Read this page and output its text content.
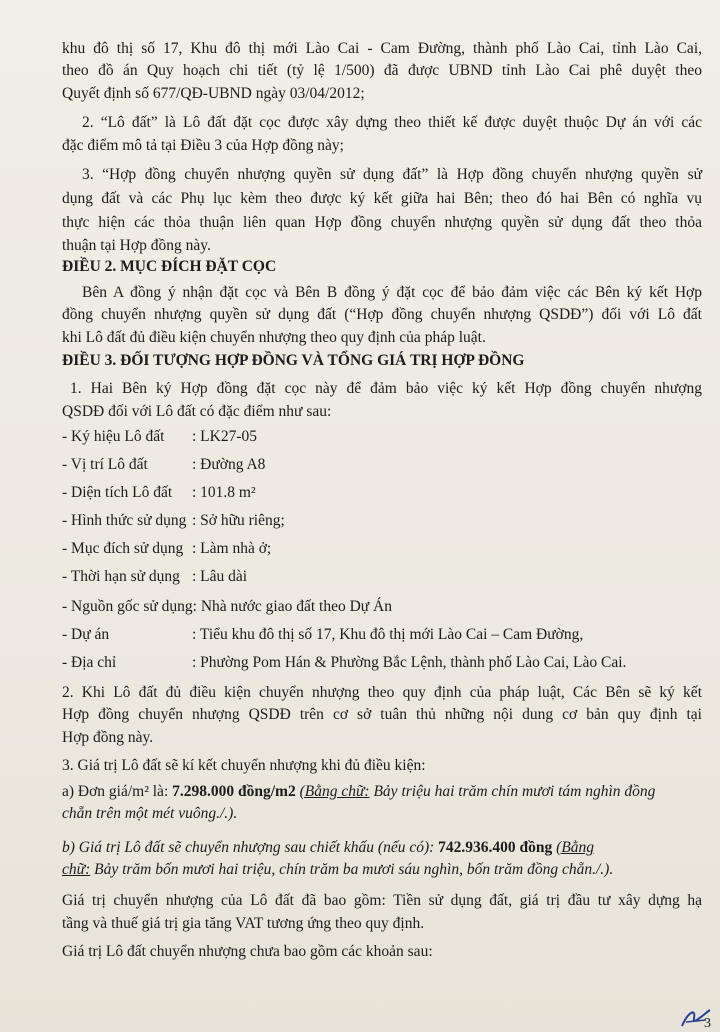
khu đô thị số 17, Khu đô thị mới Lào Cai - Cam Đường, thành phố Lào Cai, tỉnh Lào Cai,
theo đồ án Quy hoạch chi tiết (tỷ lệ 1/500) đã được UBND tỉnh Lào Cai phê duyệt theo
Quyết định số 677/QĐ-UBND ngày 03/04/2012;
2. “Lô đất” là Lô đất đặt cọc được xây dựng theo thiết kế được duyệt thuộc Dự án với các
đặc điểm mô tả tại Điều 3 của Hợp đồng này;
3. “Hợp đồng chuyển nhượng quyền sử dụng đất” là Hợp đồng chuyển nhượng quyền sử
dụng đất và các Phụ lục kèm theo được ký kết giữa hai Bên; theo đó hai Bên có nghĩa vụ
thực hiện các thỏa thuận liên quan Hợp đồng chuyển nhượng quyền sử dụng đất theo thỏa
thuận tại Hợp đồng này.
ĐIỀU 2. MỤC ĐÍCH ĐẶT CỌC
Bên A đồng ý nhận đặt cọc và Bên B đồng ý đặt cọc để bảo đảm việc các Bên ký kết Hợp
đồng chuyển nhượng quyền sử dụng đất (“Hợp đồng chuyển nhượng QSDĐ”) đối với Lô đất
khi Lô đất đủ điều kiện chuyển nhượng theo quy định của pháp luật.
ĐIỀU 3. ĐỐI TƯỢNG HỢP ĐỒNG VÀ TỔNG GIÁ TRỊ HỢP ĐỒNG
1. Hai Bên ký Hợp đồng đặt cọc này để đảm bảo việc ký kết Hợp đồng chuyển nhượng
QSDĐ đối với Lô đất có đặc điểm như sau:
- Ký hiệu Lô đất : LK27-05
- Vị trí Lô đất	: Đường A8
- Diện tích Lô đất : 101.8 m²
- Hình thức sử dụng : Sở hữu riêng;
- Mục đích sử dụng : Làm nhà ở;
- Thời hạn sử dụng : Lâu dài
- Nguồn gốc sử dụng: Nhà nước giao đất theo Dự Án
- Dự án	: Tiểu khu đô thị số 17, Khu đô thị mới Lào Cai – Cam Đường,
- Địa chỉ	: Phường Pom Hán & Phường Bắc Lệnh, thành phố Lào Cai, Lào Cai.
2. Khi Lô đất đủ điều kiện chuyển nhượng theo quy định của pháp luật, Các Bên sẽ ký kết
Hợp đồng chuyển nhượng QSDĐ trên cơ sở tuân thủ những nội dung cơ bản quy định tại
Hợp đồng này.
3. Giá trị Lô đất sẽ kí kết chuyển nhượng khi đủ điều kiện:
a) Đơn giá/m² là: 7.298.000 đồng/m2 (Bằng chữ: Bảy triệu hai trăm chín mươi tám nghìn đồng
chẵn trên một mét vuông./.).
b) Giá trị Lô đất sẽ chuyển nhượng sau chiết khấu (nếu có): 742.936.400 đồng (Bằng
chữ: Bảy trăm bốn mươi hai triệu, chín trăm ba mươi sáu nghìn, bốn trăm đồng chẵn./.).
Giá trị chuyển nhượng của Lô đất đã bao gồm: Tiền sử dụng đất, giá trị đầu tư xây dựng hạ
tầng và thuế giá trị gia tăng VAT tương ứng theo quy định.
Giá trị Lô đất chuyển nhượng chưa bao gồm các khoản sau:
3
